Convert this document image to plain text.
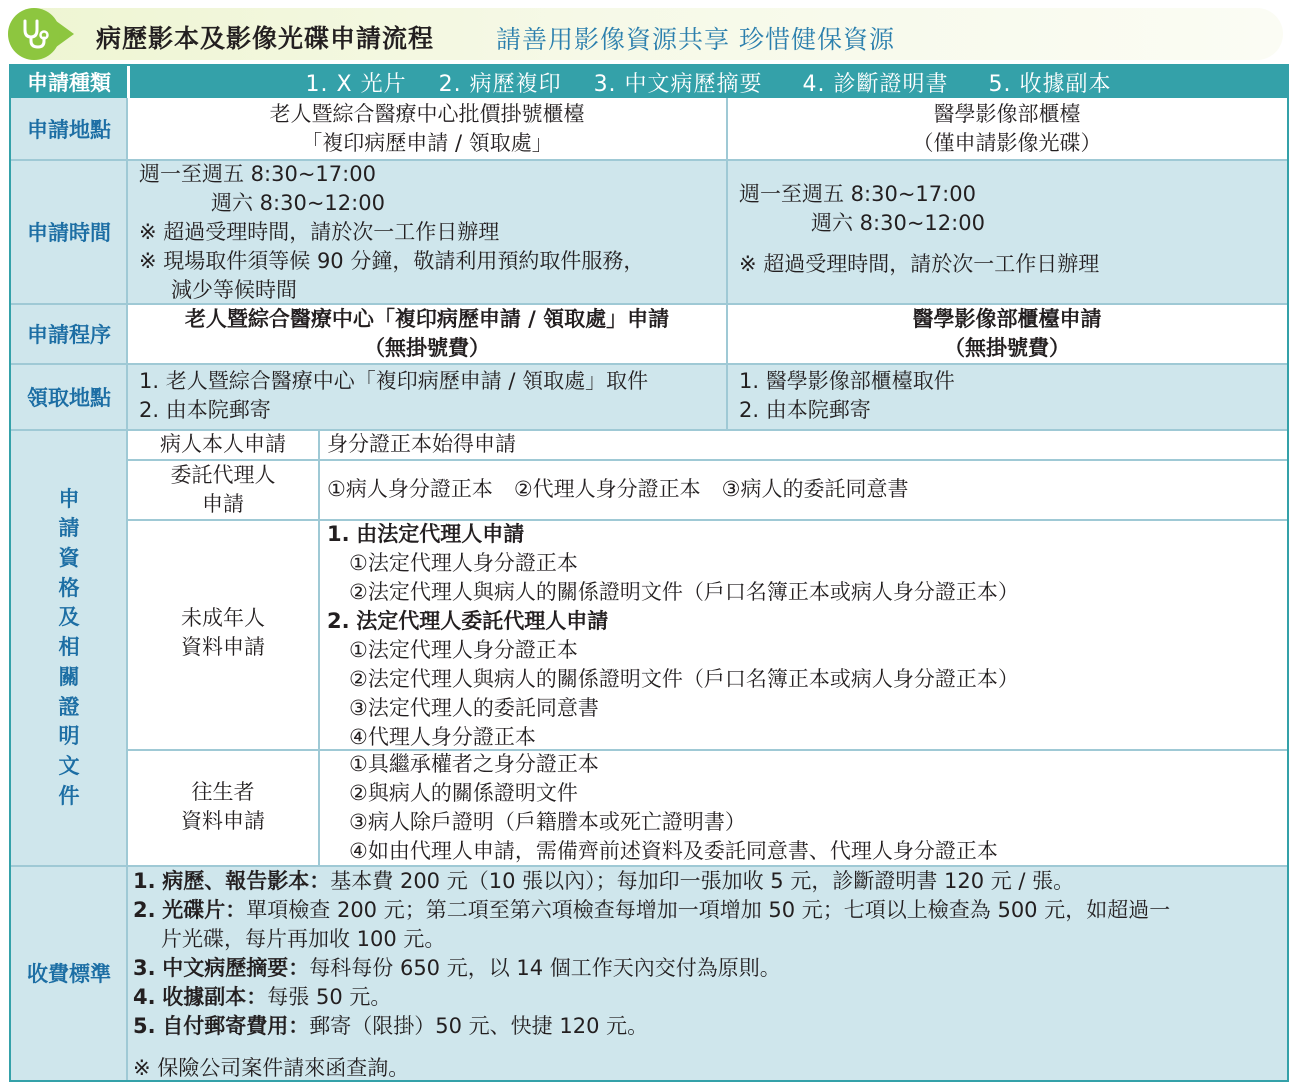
病歷影本及影像光碟申請流程 請善用影像資源共享 珍惜健保資源
申請種類	1. X 光片 2. 病歷複印 3. 中文病歷摘要 4. 診斷證明書 5. 收據副本
申請地點
老人暨綜合醫療中心批價掛號櫃檯
「複印病歷申請 / 領取處」
醫學影像部櫃檯
（僅申請影像光碟）
申請時間
週一至週五 8:30~17:00
週六 8:30~12:00
※ 超過受理時間，請於次一工作日辦理
※ 現場取件須等候 90 分鐘，敬請利用預約取件服務，
減少等候時間
週一至週五 8:30~17:00
週六 8:30~12:00
※ 超過受理時間，請於次一工作日辦理
申請程序
老人暨綜合醫療中心「複印病歷申請 / 領取處」申請
（無掛號費）
醫學影像部櫃檯申請
（無掛號費）
領取地點
1. 老人暨綜合醫療中心「複印病歷申請 / 領取處」取件
2. 由本院郵寄
1. 醫學影像部櫃檯取件
2. 由本院郵寄
申
請
資
格
及
相
關
證
明
文
件
病人本人申請	身分證正本始得申請
委託代理人
申請
①病人身分證正本　②代理人身分證正本　③病人的委託同意書
未成年人
資料申請
1. 由法定代理人申請
①法定代理人身分證正本
②法定代理人與病人的關係證明文件（戶口名簿正本或病人身分證正本）
2. 法定代理人委託代理人申請
①法定代理人身分證正本
②法定代理人與病人的關係證明文件（戶口名簿正本或病人身分證正本）
③法定代理人的委託同意書
④代理人身分證正本
往生者
資料申請
①具繼承權者之身分證正本
②與病人的關係證明文件
③病人除戶證明（戶籍謄本或死亡證明書）
④如由代理人申請，需備齊前述資料及委託同意書、代理人身分證正本
收費標準
1. 病歷、報告影本：基本費 200 元（10 張以內）；每加印一張加收 5 元，診斷證明書 120 元 / 張。
2. 光碟片：單項檢查 200 元；第二項至第六項檢查每增加一項增加 50 元；七項以上檢查為 500 元，如超過一
片光碟，每片再加收 100 元。
3. 中文病歷摘要：每科每份 650 元，以 14 個工作天內交付為原則。
4. 收據副本：每張 50 元。
5. 自付郵寄費用：郵寄（限掛）50 元、快捷 120 元。
※ 保險公司案件請來函查詢。
